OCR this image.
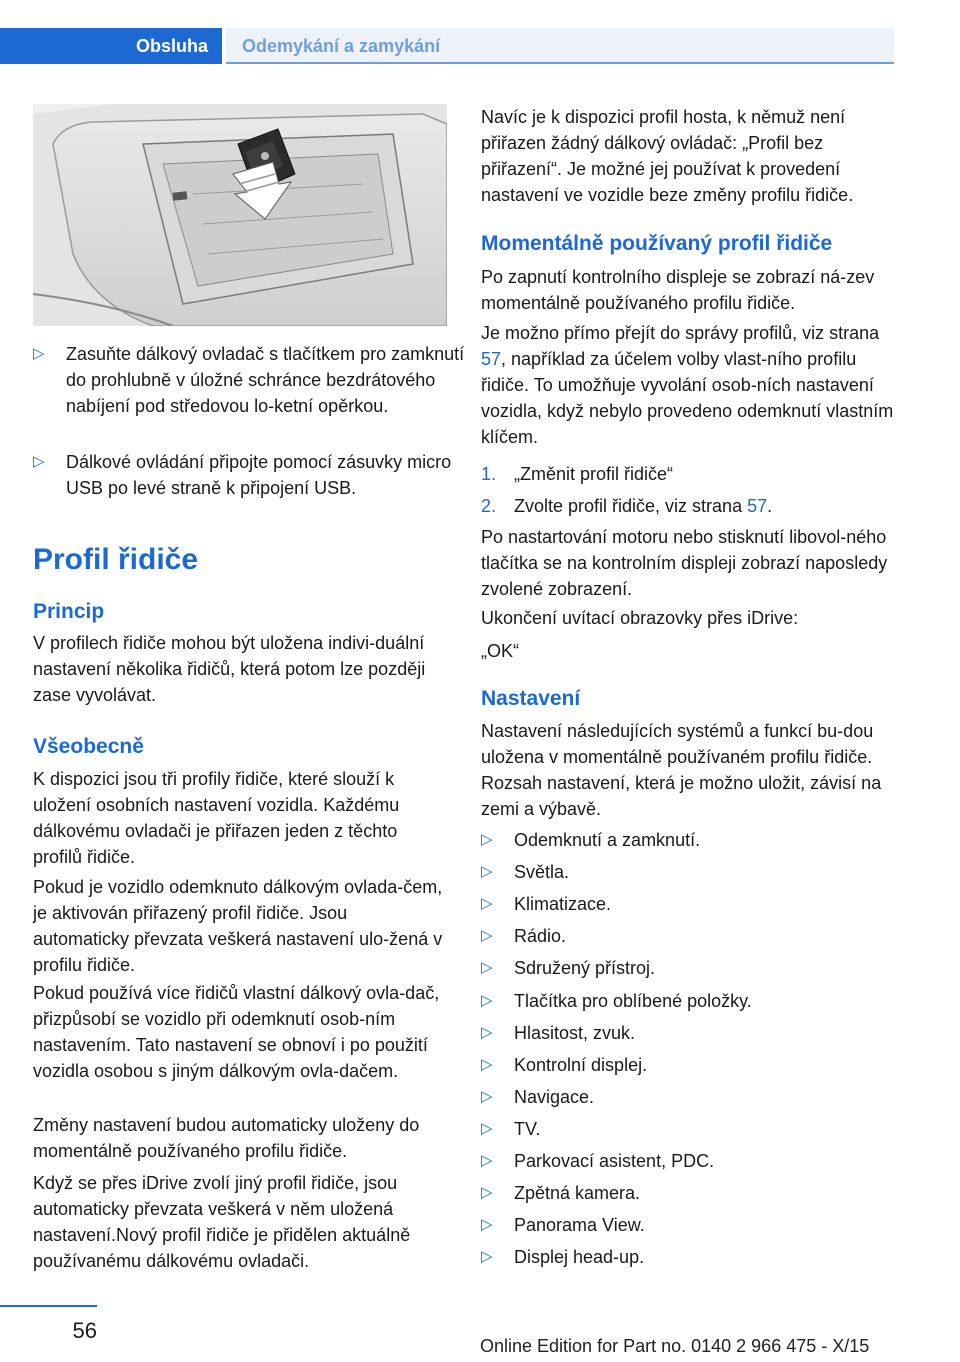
Obsluha	Odemykání a zamykání
▷ Zasuňte dálkový ovladač s tlačítkem pro zamknutí do prohlubně v úložné schránce bezdrátového nabíjení pod středovou lo-ketní opěrkou.
▷ Dálkové ovládání připojte pomocí zásuvky micro USB po levé straně k připojení USB.
Profil řidiče
Princip

V profilech řidiče mohou být uložena indivi-duální nastavení několika řidičů, která potom lze později zase vyvolávat.

Všeobecně

K dispozici jsou tři profily řidiče, které slouží k uložení osobních nastavení vozidla. Každému dálkovému ovladači je přiřazen jeden z těchto profilů řidiče.

Pokud je vozidlo odemknuto dálkovým ovlada-čem, je aktivován přiřazený profil řidiče. Jsou automaticky převzata veškerá nastavení ulo-žená v profilu řidiče.

Pokud používá více řidičů vlastní dálkový ovla-dač, přizpůsobí se vozidlo při odemknutí osob-ním nastavením. Tato nastavení se obnoví i po použití vozidla osobou s jiným dálkovým ovla-dačem.

Změny nastavení budou automaticky uloženy do momentálně používaného profilu řidiče.

Když se přes iDrive zvolí jiný profil řidiče, jsou automaticky převzata veškerá v něm uložená nastavení.Nový profil řidiče je přidělen aktuálně používanému dálkovému ovladači.

Navíc je k dispozici profil hosta, k němuž není přiřazen žádný dálkový ovládač: „Profil bez přiřazení“. Je možné jej používat k provedení nastavení ve vozidle beze změny profilu řidiče.

Momentálně používaný profil řidiče

Po zapnutí kontrolního displeje se zobrazí ná-zev momentálně používaného profilu řidiče.

Je možno přímo přejít do správy profilů, viz strana 57, například za účelem volby vlast-ního profilu řidiče. To umožňuje vyvolání osob-ních nastavení vozidla, když nebylo provedeno odemknutí vlastním klíčem.

1. „Změnit profil řidiče“
2. Zvolte profil řidiče, viz strana 57.

Po nastartování motoru nebo stisknutí libovol-ného tlačítka se na kontrolním displeji zobrazí naposledy zvolené zobrazení.

Ukončení uvítací obrazovky přes iDrive:

„OK“

Nastavení

Nastavení následujících systémů a funkcí bu-dou uložena v momentálně používaném profilu řidiče. Rozsah nastavení, která je možno uložit, závisí na zemi a výbavě.

▷ Odemknutí a zamknutí.
▷ Světla.
▷ Klimatizace.
▷ Rádio.
▷ Sdružený přístroj.
▷ Tlačítka pro oblíbené položky.
▷ Hlasitost, zvuk.
▷ Kontrolní displej.
▷ Navigace.
▷ TV.
▷ Parkovací asistent, PDC.
▷ Zpětná kamera.
▷ Panorama View.
▷ Displej head-up.
56
Online Edition for Part no. 0140 2 966 475 - X/15
